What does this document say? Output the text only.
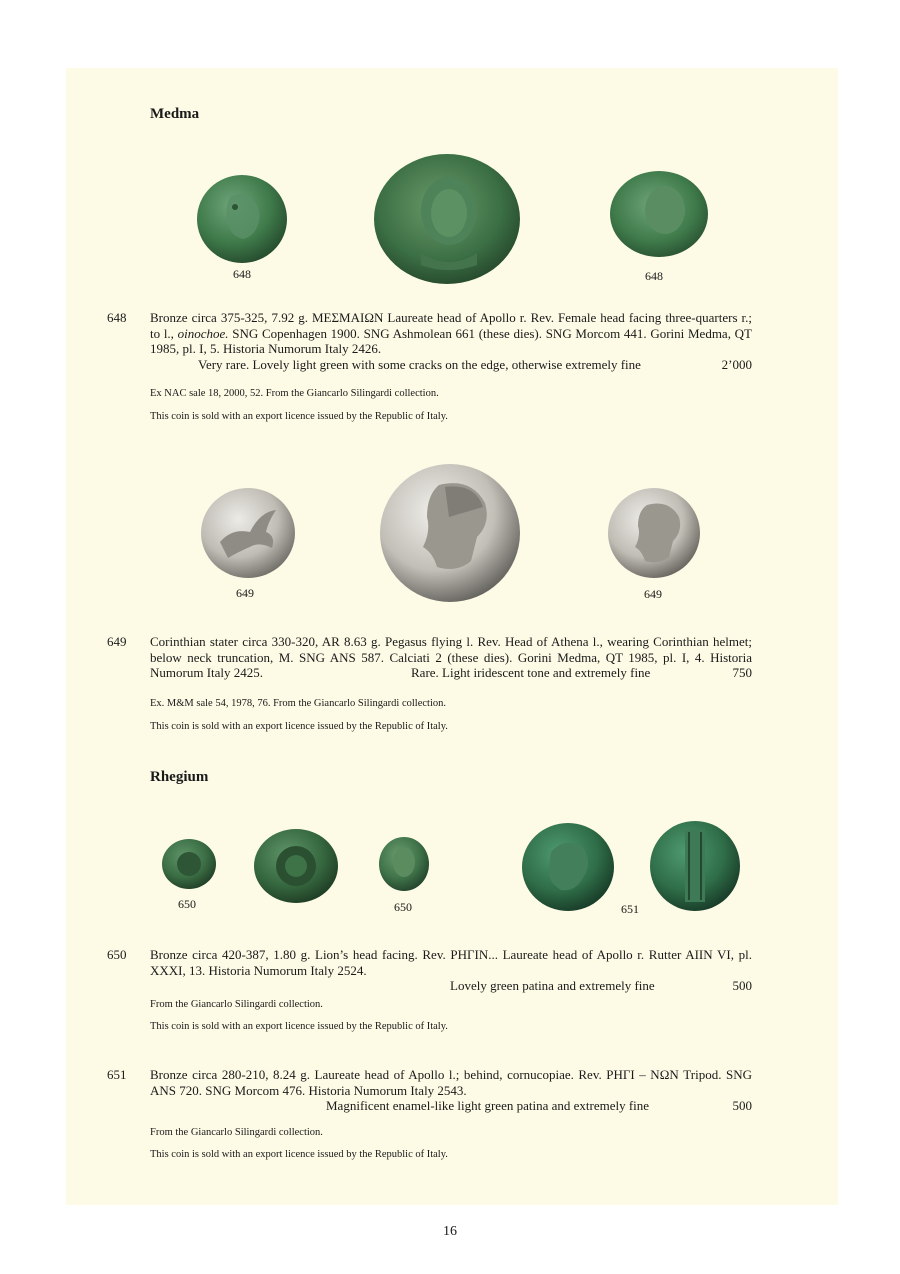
Medma
648	648
648 Bronze circa 375-325, 7.92 g. ΜΕΣΜΑΙΩΝ Laureate head of Apollo r. Rev. Female head facing three-quarters r.; to l., oinochoe. SNG Copenhagen 1900. SNG Ashmolean 661 (these dies). SNG Morcom 441. Gorini Medma, QT 1985, pl. I, 5. Historia Numorum Italy 2426.
Very rare. Lovely light green with some cracks on the edge, otherwise extremely fine	2’000
Ex NAC sale 18, 2000, 52. From the Giancarlo Silingardi collection.
This coin is sold with an export licence issued by the Republic of Italy.
649	649
649 Corinthian stater circa 330-320, AR 8.63 g. Pegasus flying l. Rev. Head of Athena l., wearing Corinthian helmet; below neck truncation, M. SNG ANS 587. Calciati 2 (these dies). Gorini Medma, QT 1985, pl. I, 4. Historia Numorum Italy 2425.	Rare. Light iridescent tone and extremely fine	750
Ex. M&M sale 54, 1978, 76. From the Giancarlo Silingardi collection.
This coin is sold with an export licence issued by the Republic of Italy.
Rhegium
650	650	651
650 Bronze circa 420-387, 1.80 g. Lion’s head facing. Rev. ΡΗΓΙΝ... Laureate head of Apollo r. Rutter AIIN VI, pl. XXXI, 13. Historia Numorum Italy 2524.
Lovely green patina and extremely fine	500
From the Giancarlo Silingardi collection.
This coin is sold with an export licence issued by the Republic of Italy.
651 Bronze circa 280-210, 8.24 g. Laureate head of Apollo l.; behind, cornucopiae. Rev. ΡΗΓΙ – ΝΩΝ Tripod. SNG ANS 720. SNG Morcom 476. Historia Numorum Italy 2543.
Magnificent enamel-like light green patina and extremely fine	500
From the Giancarlo Silingardi collection.
This coin is sold with an export licence issued by the Republic of Italy.
16
